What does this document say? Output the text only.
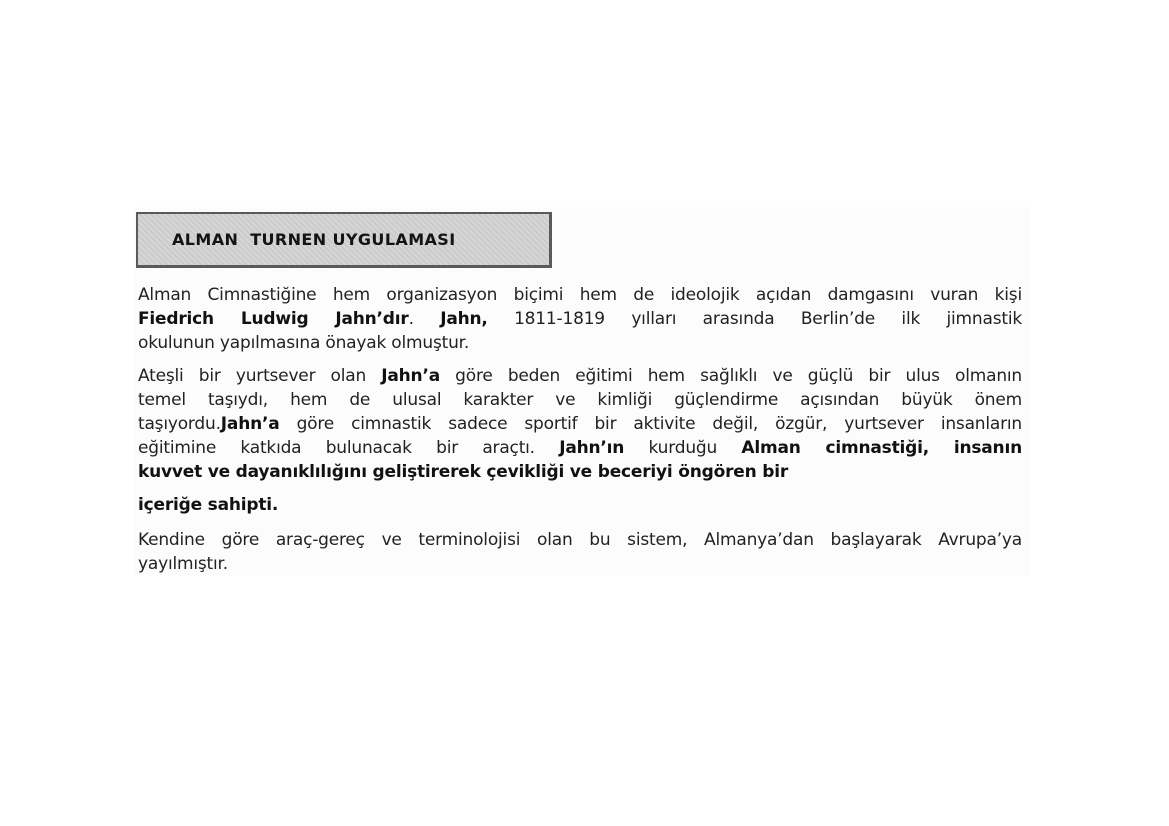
ALMAN  TURNEN UYGULAMASI

Alman Cimnastiğine hem organizasyon biçimi hem de ideolojik açıdan damgasını vuran kişi
Fiedrich Ludwig Jahn’dır. Jahn, 1811-1819 yılları arasında Berlin’de ilk jimnastik
okulunun yapılmasına önayak olmuştur.

Ateşli bir yurtsever olan Jahn’a göre beden eğitimi hem sağlıklı ve güçlü bir ulus olmanın
temel taşıydı, hem de ulusal karakter ve kimliği güçlendirme açısından büyük önem
taşıyordu.Jahn’a göre cimnastik sadece sportif bir aktivite değil, özgür, yurtsever insanların
eğitimine katkıda bulunacak bir araçtı. Jahn’ın kurduğu Alman cimnastiği, insanın
kuvvet ve dayanıklılığını geliştirerek çevikliği ve beceriyi öngören bir

içeriğe sahipti.

Kendine göre araç-gereç ve terminolojisi olan bu sistem, Almanya’dan başlayarak Avrupa’ya
yayılmıştır.
